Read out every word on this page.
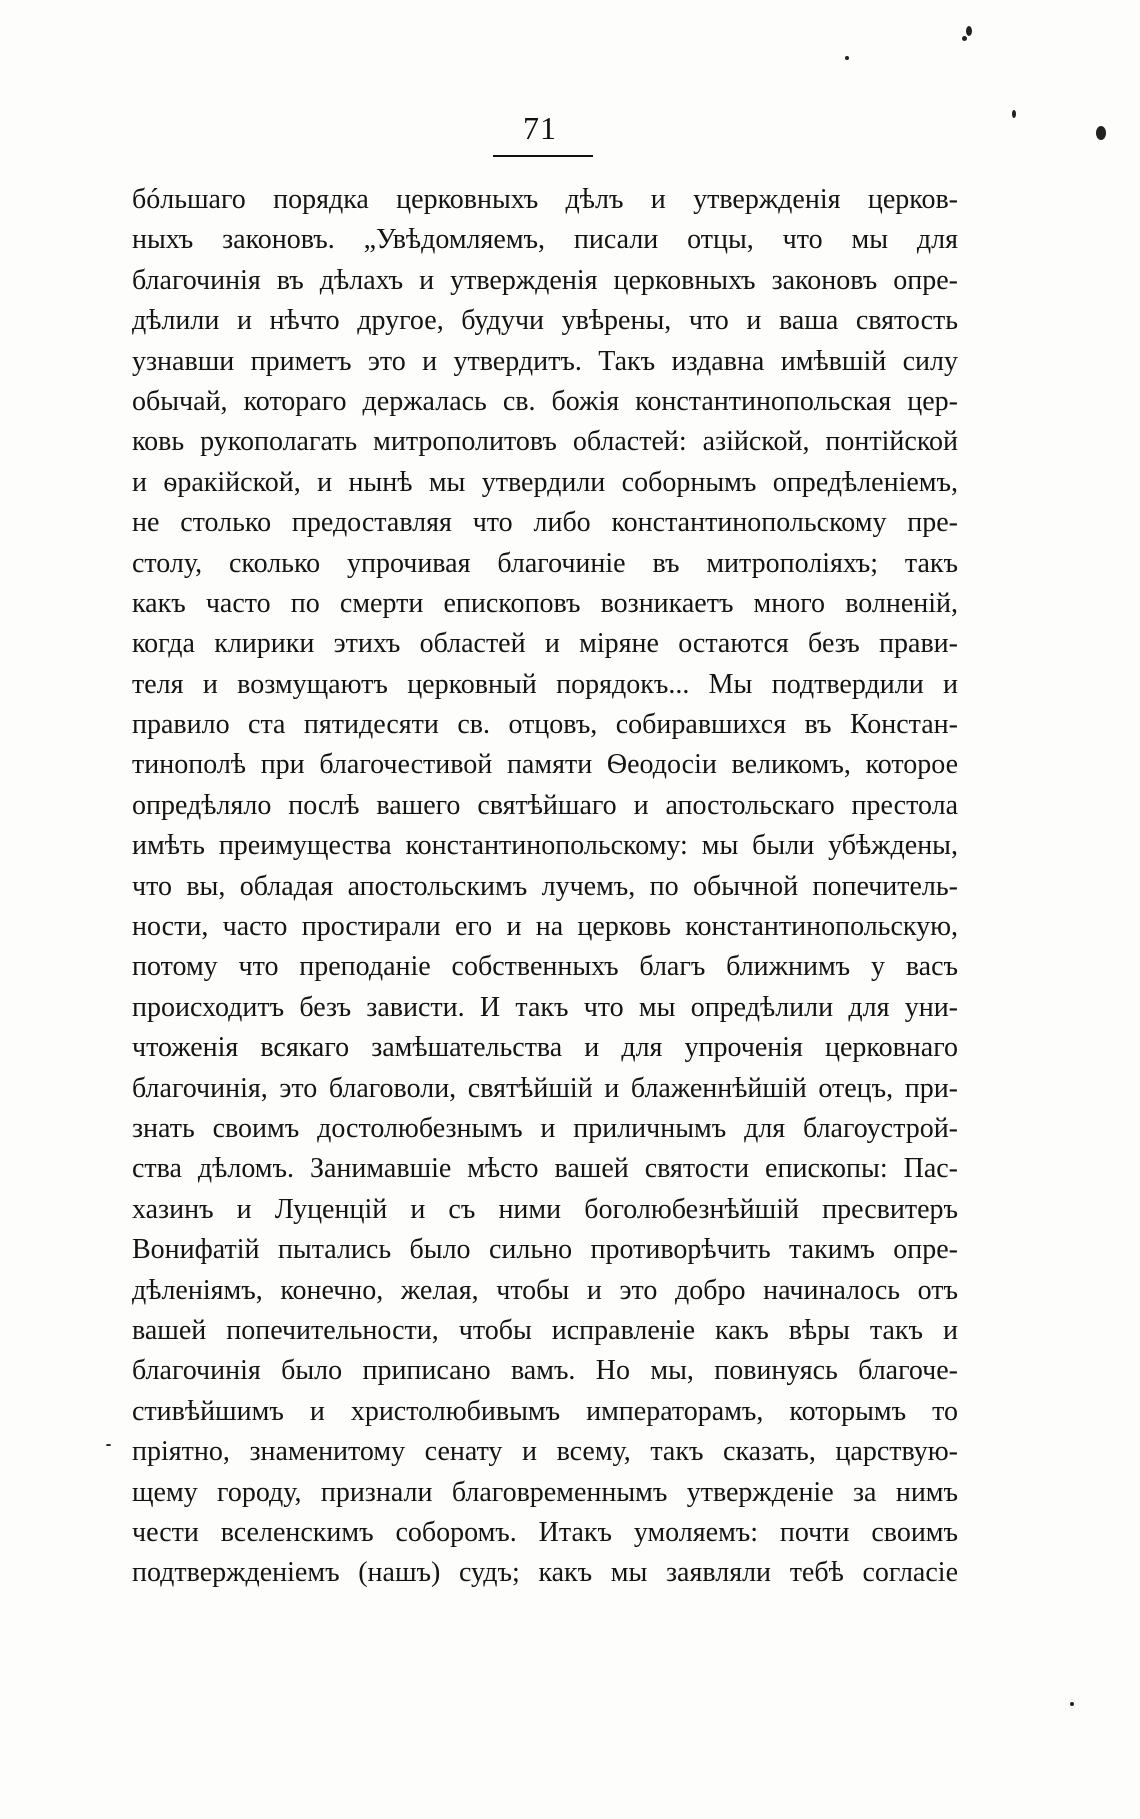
71
бóльшаго порядка церковныхъ дѣлъ и утвержденія церков-
ныхъ законовъ. „Увѣдомляемъ, писали отцы, что мы для
благочинія въ дѣлахъ и утвержденія церковныхъ законовъ опре-
дѣлили и нѣчто другое, будучи увѣрены, что и ваша святость
узнавши приметъ это и утвердитъ. Такъ издавна имѣвшій силу
обычай, которaго держалась св. божія константинопольская цер-
ковь рукополагать митрополитовъ областей: азійской, понтійской
и ѳракійской, и нынѣ мы утвердили соборнымъ опредѣленіемъ,
не столько предоставляя что либо константинопольскому пре-
столу, сколько упрочивая благочиніе въ митрополіяхъ; такъ
какъ часто по смерти епископовъ возникаетъ много волненій,
когда клирики этихъ областей и міряне остаются безъ прави-
теля и возмущаютъ церковный порядокъ... Мы подтвердили и
правило ста пятидесяти св. отцовъ, собиравшихся въ Констан-
тинополѣ при благочестивой памяти Ѳеодосіи великомъ, которое
опредѣляло послѣ вашего святѣйшаго и апостольскаго престола
имѣть преимущества константинопольскому: мы были убѣждены,
что вы, обладая апостольскимъ лучемъ, по обычной попечитель-
ности, часто простирали его и на церковь константинопольскую,
потому что преподаніе собственныхъ благъ ближнимъ у васъ
происходитъ безъ зависти. И такъ что мы опредѣлили для уни-
чтоженія всякаго замѣшательства и для упроченія церковнаго
благочинія, это благоволи, святѣйшій и блаженнѣйшій отецъ, при-
знать своимъ достолюбезнымъ и приличнымъ для благоустрой-
ства дѣломъ. Занимавшіе мѣсто вашей святости епископы: Пас-
хазинъ и Луценцій и съ ними боголюбезнѣйшій пресвитеръ
Вонифатій пытались было сильно противорѣчить такимъ опре-
дѣленіямъ, конечно, желая, чтобы и это добро начиналось отъ
вашей попечительности, чтобы исправленіе какъ вѣры такъ и
благочинія было приписано вамъ. Но мы, повинуясь благоче-
стивѣйшимъ и христолюбивымъ императорамъ, которымъ то
пріятно, знаменитому сенату и всему, такъ сказать, царствую-
щему городу, признали благовременнымъ утвержденіе за нимъ
чести вселенскимъ соборомъ. Итакъ умоляемъ: почти своимъ
подтвержденіемъ (нашъ) судъ; какъ мы заявляли тебѣ согласіе
